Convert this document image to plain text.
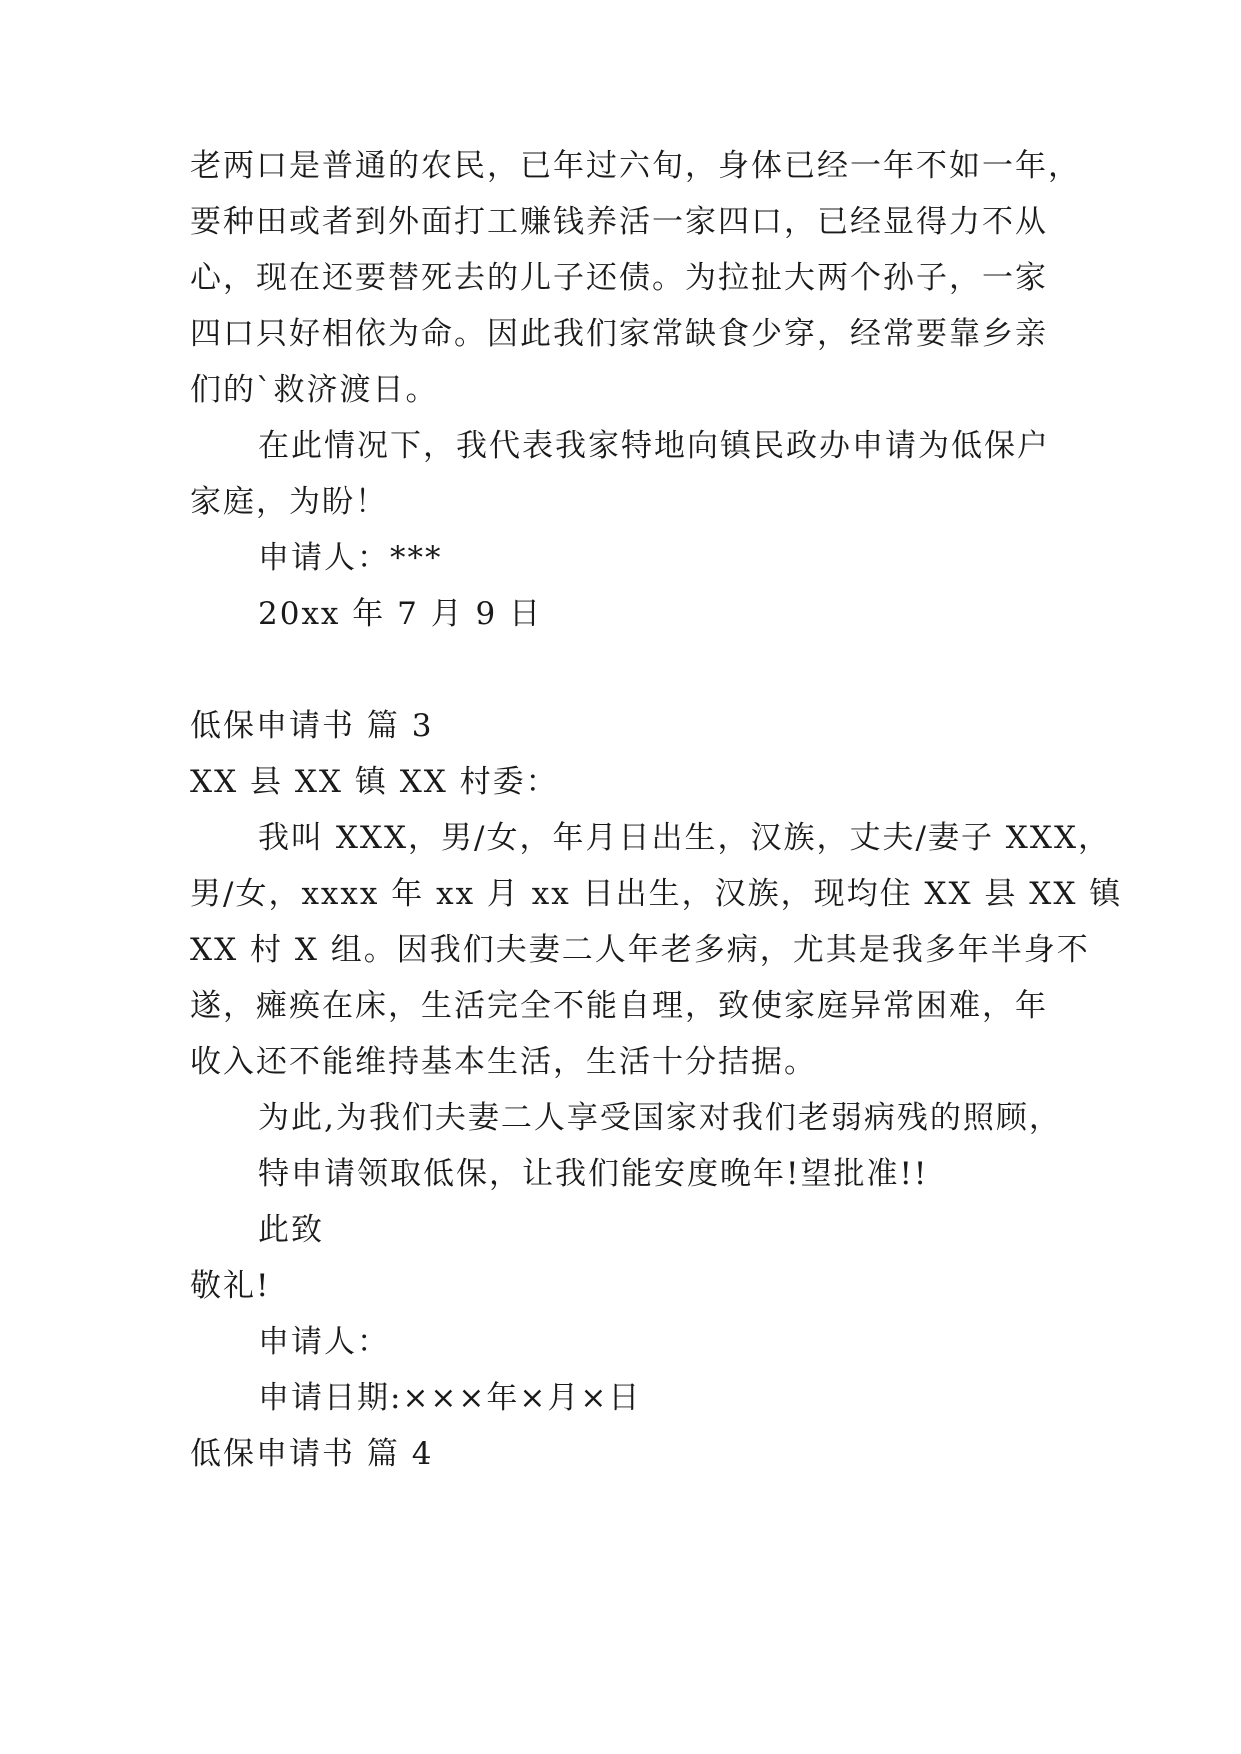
老两口是普通的农民，已年过六旬，身体已经一年不如一年，
要种田或者到外面打工赚钱养活一家四口，已经显得力不从
心，现在还要替死去的儿子还债。为拉扯大两个孙子，一家
四口只好相依为命。因此我们家常缺食少穿，经常要靠乡亲
们的`救济渡日。
在此情况下，我代表我家特地向镇民政办申请为低保户
家庭，为盼！
申请人：***
20xx 年 7 月 9 日
低保申请书 篇 3
XX 县 XX 镇 XX 村委：
我叫 XXX，男/女，年月日出生，汉族，丈夫/妻子 XXX，
男/女，xxxx 年 xx 月 xx 日出生，汉族，现均住 XX 县 XX 镇
XX 村 X 组。因我们夫妻二人年老多病，尤其是我多年半身不
遂，瘫痪在床，生活完全不能自理，致使家庭异常困难，年
收入还不能维持基本生活，生活十分拮据。
为此,为我们夫妻二人享受国家对我们老弱病残的照顾，
特申请领取低保，让我们能安度晚年!望批准!!
此致
敬礼!
申请人：
申请日期:×××年×月×日
低保申请书 篇 4
